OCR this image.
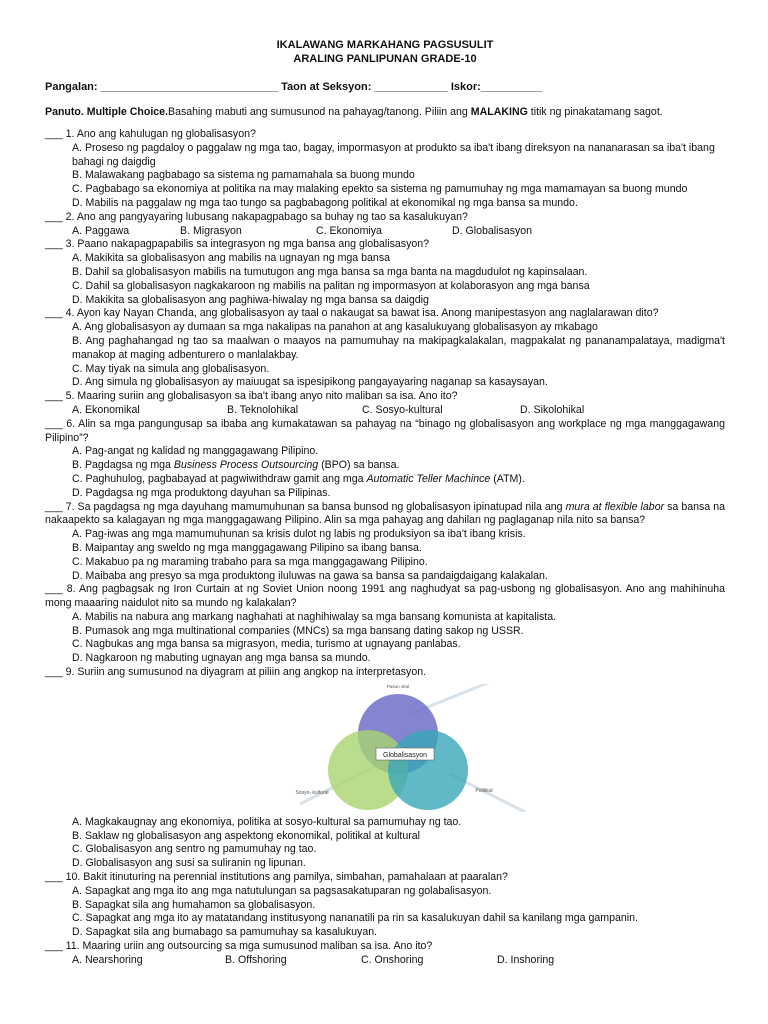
IKALAWANG MARKAHANG PAGSUSULIT
ARALING PANLIPUNAN GRADE-10
Pangalan: _____________________________ Taon at Seksyon: ____________ Iskor:__________
Panuto. Multiple Choice.Basahing mabuti ang sumusunod na pahayag/tanong. Piliin ang MALAKING titik ng pinakatamang sagot.
___ 1. Ano ang kahulugan ng globalisasyon?
A. Proseso ng pagdaloy o paggalaw ng mga tao, bagay, impormasyon at produkto sa iba't ibang direksyon na nananarasan sa iba't ibang bahagi ng daigdig
B. Malawakang pagbabago sa sistema ng pamamahala sa buong mundo
C. Pagbabago sa ekonomiya at politika na may malaking epekto sa sistema ng pamumuhay ng mga mamamayan sa buong mundo
D. Mabilis na paggalaw ng mga tao tungo sa pagbabagong politikal at ekonomikal ng mga bansa sa mundo.
___ 2. Ano ang pangyayaring lubusang nakapagpabago sa buhay ng tao sa kasalukuyan?
A. Paggawa	B. Migrasyon	C. Ekonomiya	D. Globalisasyon
___ 3. Paano nakapagpapabilis sa integrasyon ng mga bansa ang globalisasyon?
A. Makikita sa globalisasyon ang mabilis na ugnayan ng mga bansa
B. Dahil sa globalisasyon mabilis na tumutugon ang mga bansa sa mga banta na magdudulot ng kapinsalaan.
C. Dahil sa globalisasyon nagkakaroon ng mabilis na palitan ng impormasyon at kolaborasyon ang mga bansa
D. Makikita sa globalisasyon ang paghiwa-hiwalay ng mga bansa sa daigdig
___ 4. Ayon kay Nayan Chanda, ang globalisasyon ay taal o nakaugat sa bawat isa. Anong manipestasyon ang naglalarawan dito?
A. Ang globalisasyon ay dumaan sa mga nakalipas na panahon at ang kasalukuyang globalisasyon ay mkabago
B. Ang paghahangad ng tao sa maalwan o maayos na pamumuhay na makipagkalakalan, magpakalat ng pananampalataya, madigma't manakop at maging adbenturero o manlalakbay.
C. May tiyak na simula ang globalisasyon.
D. Ang simula ng globalisasyon ay maiuugat sa ispesipikong pangayayaring naganap sa kasaysayan.
___ 5. Maaring suriin ang globalisasyon sa iba't ibang anyo nito maliban sa isa. Ano ito?
A. Ekonomikal	B. Teknolohikal	C. Sosyo-kultural	D. Sikolohikal
___ 6. Alin sa mga pangungusap sa ibaba ang kumakatawan sa pahayag na “binago ng globalisasyon ang workplace ng mga manggagawang Pilipino”?
A. Pag-angat ng kalidad ng manggagawang Pilipino.
B. Pagdagsa ng mga Business Process Outsourcing (BPO) sa bansa.
C. Paghuhulog, pagbabayad at pagwiwithdraw gamit ang mga Automatic Teller Machince (ATM).
D. Pagdagsa ng mga produktong dayuhan sa Pilipinas.
___ 7. Sa pagdagsa ng mga dayuhang mamumuhunan sa bansa bunsod ng globalisasyon ipinatupad nila ang mura at flexible labor sa bansa na nakaapekto sa kalagayan ng mga manggagawang Pilipino. Alin sa mga pahayag ang dahilan ng paglaganap nila nito sa bansa?
A. Pag-iwas ang mga mamumuhunan sa krisis dulot ng labis ng produksiyon sa iba't ibang krisis.
B. Maipantay ang sweldo ng mga manggagawang Pilipino sa ibang bansa.
C. Makabuo pa ng maraming trabaho para sa mga manggagawang Pilipino.
D. Maibaba ang presyo sa mga produktong iluluwas na gawa sa bansa sa pandaigdaigang kalakalan.
___ 8. Ang pagbagsak ng Iron Curtain at ng Soviet Union noong 1991 ang naghudyat sa pag-usbong ng globalisasyon. Ano ang mahihinuha mong maaaring naidulot nito sa mundo ng kalakalan?
A. Mabilis na nabura ang markang naghahati at naghihiwalay sa mga bansang komunista at kapitalista.
B. Pumasok ang mga multinational companies (MNCs) sa mga bansang dating sakop ng USSR.
C. Nagbukas ang mga bansa sa migrasyon, media, turismo at ugnayang panlabas.
D. Nagkaroon ng mabuting ugnayan ang mga bansa sa mundo.
___ 9. Suriin ang sumusunod na diyagram at piliin ang angkop na interpretasyon.
Globalisasyon
Pasun okal
Sosyo- kultural	Politikal
A. Magkakaugnay ang ekonomiya, politika at sosyo-kultural sa pamumuhay ng tao.
B. Saklaw ng globalisasyon ang aspektong ekonomikal, politikal at kultural
C. Globalisasyon ang sentro ng pamumuhay ng tao.
D. Globalisasyon ang susi sa suliranin ng lipunan.
___ 10. Bakit itinuturing na perennial institutions ang pamilya, simbahan, pamahalaan at paaralan?
A. Sapagkat ang mga ito ang mga natutulungan sa pagsasakatuparan ng golabalisasyon.
B. Sapagkat sila ang humahamon sa globalisasyon.
C. Sapagkat ang mga ito ay matatandang institusyong nananatili pa rin sa kasalukuyan dahil sa kanilang mga gampanin.
D. Sapagkat sila ang bumabago sa pamumuhay sa kasalukuyan.
___ 11. Maaring uriin ang outsourcing sa mga sumusunod maliban sa isa. Ano ito?
A. Nearshoring	B. Offshoring	C. Onshoring	D. Inshoring
